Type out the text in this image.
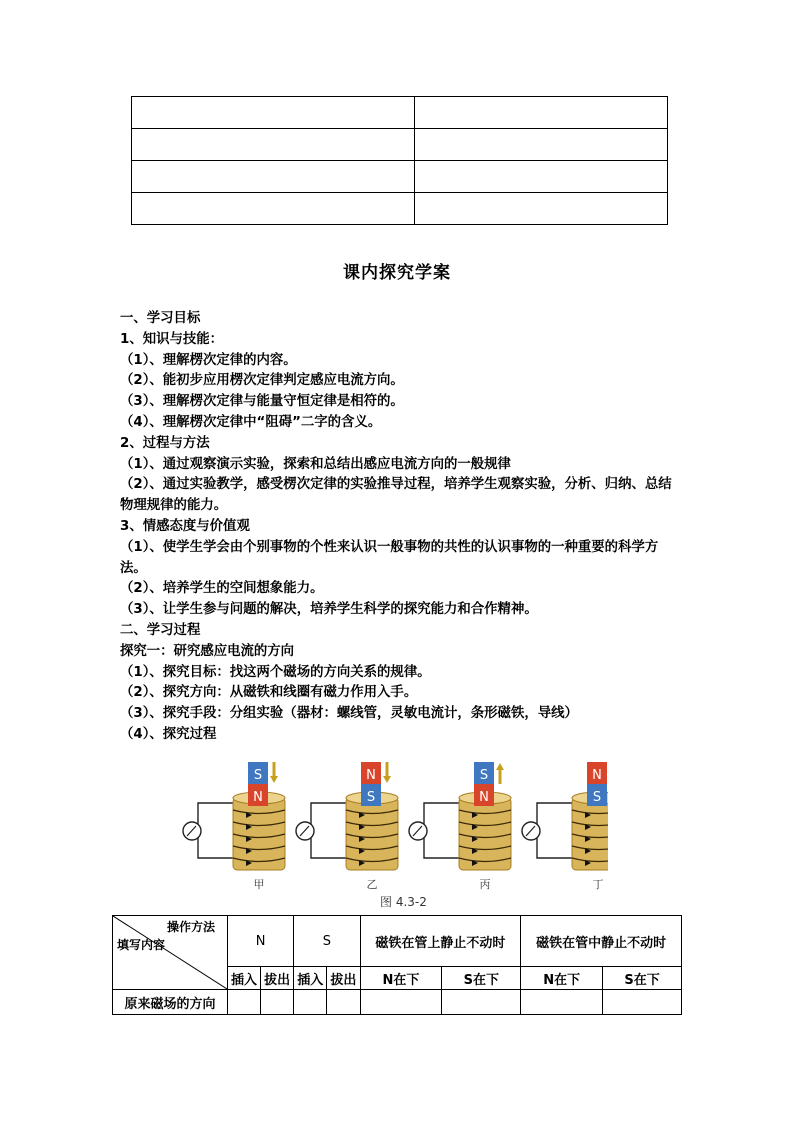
课内探究学案
一、学习目标
1、知识与技能：
（1）、理解楞次定律的内容。
（2）、能初步应用楞次定律判定感应电流方向。
（3）、理解楞次定律与能量守恒定律是相符的。
（4）、理解楞次定律中“阻碍”二字的含义。
2、过程与方法
（1）、通过观察演示实验，探索和总结出感应电流方向的一般规律
（2）、通过实验教学，感受楞次定律的实验推导过程，培养学生观察实验，分析、归纳、总结物理规律的能力。
3、情感态度与价值观
（1）、使学生学会由个别事物的个性来认识一般事物的共性的认识事物的一种重要的科学方法。
（2）、培养学生的空间想象能力。
（3）、让学生参与问题的解决，培养学生科学的探究能力和合作精神。
二、学习过程
探究一：研究感应电流的方向
（1）、探究目标：找这两个磁场的方向关系的规律。
（2）、探究方向：从磁铁和线圈有磁力作用入手。
（3）、探究手段：分组实验（器材：螺线管，灵敏电流计，条形磁铁，导线）
（4）、探究过程
S
N
甲
N
S
乙
S
N
丙
N
S
丁
图 4.3-2
操作方法
填写内容	N		S		磁铁在管上静止不动时		磁铁在管中静止不动时	
	插入	拔出	插入	拔出	N在下	S在下	N在下	S在下
原来磁场的方向								
